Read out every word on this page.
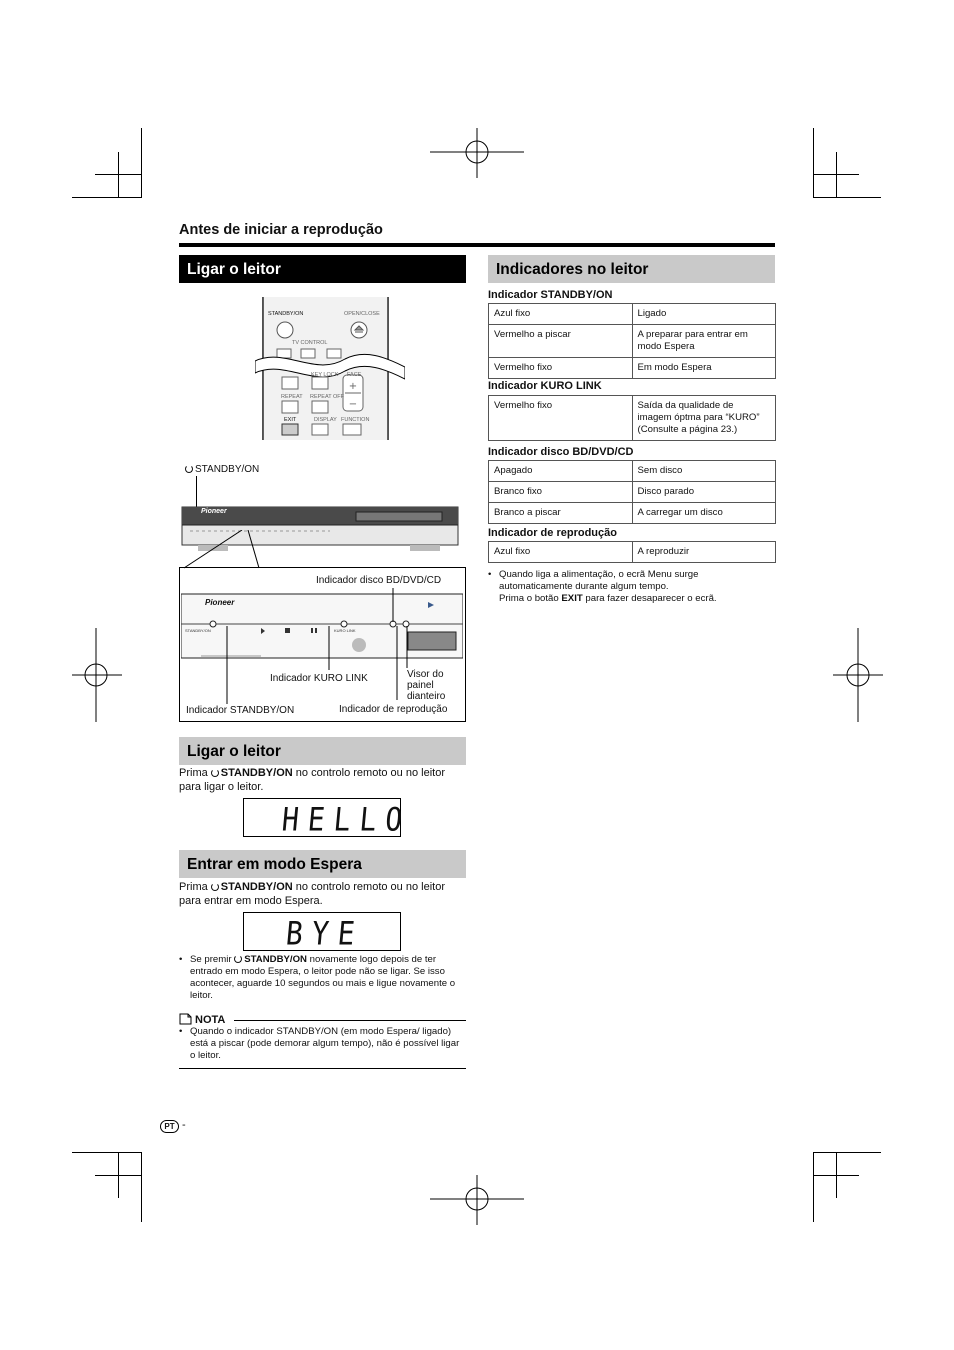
Antes de iniciar a reprodução
Ligar o leitor
+
−
STANDBY/ON	OPEN/CLOSE
TV CONTROL
KEY LOCK FACE
REPEAT REPEAT OFF
EXIT	DISPLAY FUNCTION
STANDBY/ON
Pioneer
Pioneer
STANDBY/ON	KURO LINK
Indicador disco BD/DVD/CD
Indicador KURO LINK	Visor do painel dianteiro
Indicador STANDBY/ON	Indicador de reprodução
Ligar o leitor
Prima STANDBY/ON no controlo remoto ou no leitor para ligar o leitor.
HELLO
Entrar em modo Espera
Prima STANDBY/ON no controlo remoto ou no leitor para entrar em modo Espera.
BYE
• Se premir STANDBY/ON novamente logo depois de ter entrado em modo Espera, o leitor pode não se ligar. Se isso acontecer, aguarde 10 segundos ou mais e ligue novamente o leitor.
NOTA
• Quando o indicador STANDBY/ON (em modo Espera/ ligado) está a piscar (pode demorar algum tempo), não é possível ligar o leitor.
Indicadores no leitor
Indicador STANDBY/ON
Azul fixo	Ligado
Vermelho a piscar	A preparar para entrar em modo Espera
Vermelho fixo	Em modo Espera
Indicador KURO LINK
Vermelho fixo	Saída da qualidade de imagem óptma para “KURO” (Consulte a página 23.)
Indicador disco BD/DVD/CD
Apagado	Sem disco
Branco fixo	Disco parado
Branco a piscar	A carregar um disco
Indicador de reprodução
Azul fixo	A reproduzir
• Quando liga a alimentação, o ecrã Menu surge automaticamente durante algum tempo.
Prima o botão EXIT para fazer desaparecer o ecrã.
PT -
